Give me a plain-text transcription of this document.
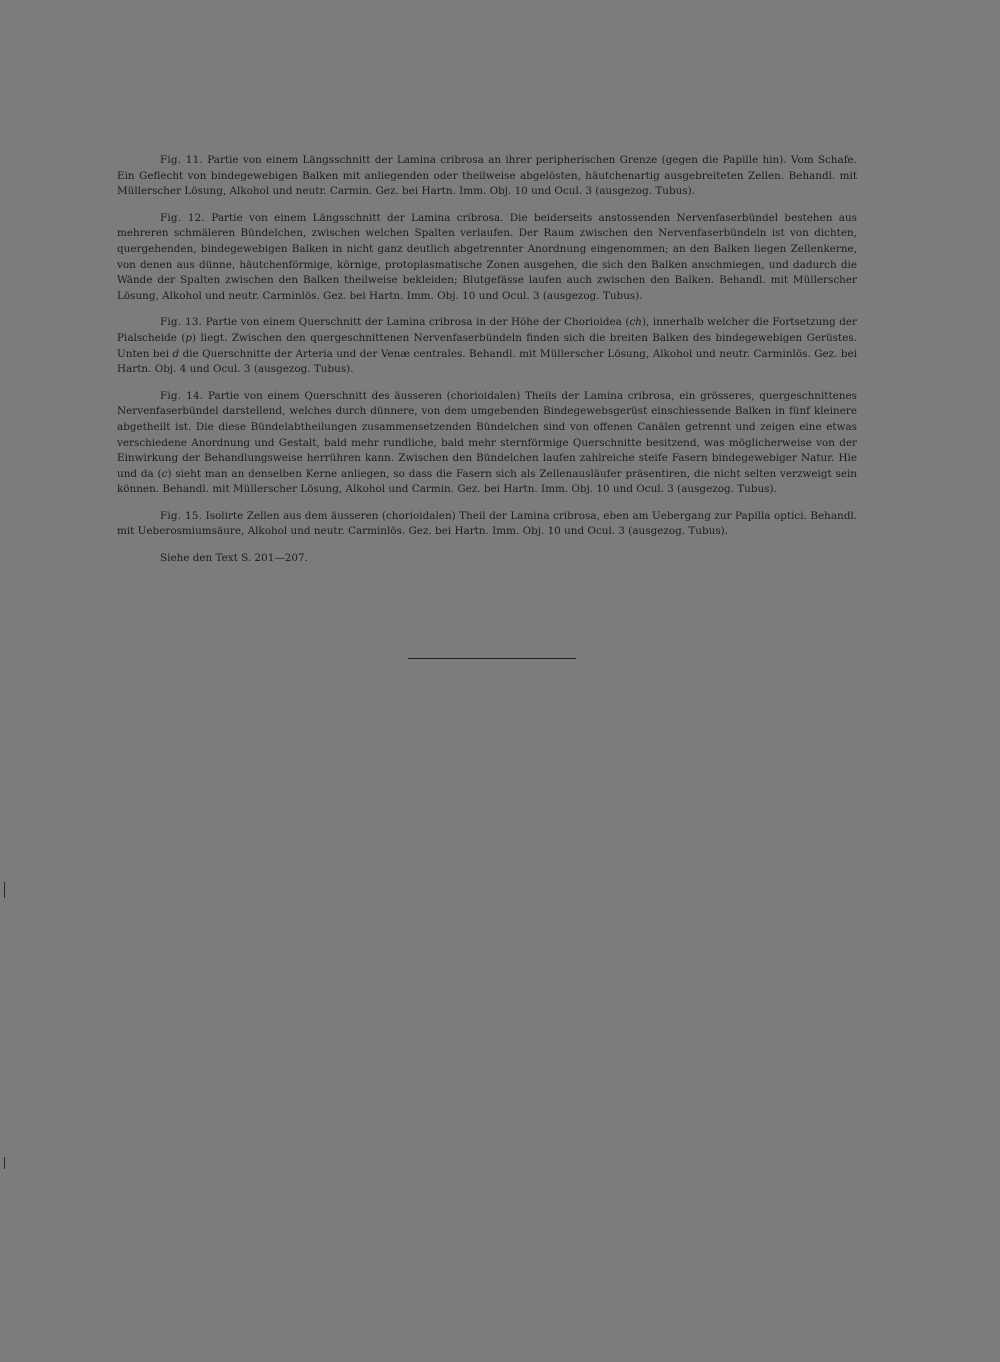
Fig. 11. Partie von einem Längsschnitt der Lamina cribrosa an ihrer peripherischen Grenze (gegen die Papille hin). Vom Schafe. Ein Geflecht von bindegewebigen Balken mit anliegenden oder theilweise abgelösten, häutchenartig ausgebreiteten Zellen. Behandl. mit Müllerscher Lösung, Alkohol und neutr. Carmin. Gez. bei Hartn. Imm. Obj. 10 und Ocul. 3 (ausgezog. Tubus).

Fig. 12. Partie von einem Längsschnitt der Lamina cribrosa. Die beiderseits anstossenden Nervenfaserbündel bestehen aus mehreren schmäleren Bündelchen, zwischen welchen Spalten verlaufen. Der Raum zwischen den Nervenfaserbündeln ist von dichten, quergehenden, bindegewebigen Balken in nicht ganz deutlich abgetrennter Anordnung eingenommen; an den Balken liegen Zellenkerne, von denen aus dünne, häutchenförmige, körnige, protoplasmatische Zonen ausgehen, die sich den Balken anschmiegen, und dadurch die Wände der Spalten zwischen den Balken theilweise bekleiden; Blutgefässe laufen auch zwischen den Balken. Behandl. mit Müllerscher Lösung, Alkohol und neutr. Carminlös. Gez. bei Hartn. Imm. Obj. 10 und Ocul. 3 (ausgezog. Tubus).

Fig. 13. Partie von einem Querschnitt der Lamina cribrosa in der Höhe der Chorioidea (ch), innerhalb welcher die Fortsetzung der Pialscheide (p) liegt. Zwischen den quergeschnittenen Nervenfaserbündeln finden sich die breiten Balken des bindegewebigen Gerüstes. Unten bei d die Querschnitte der Arteria und der Venæ centrales. Behandl. mit Müllerscher Lösung, Alkohol und neutr. Carminlös. Gez. bei Hartn. Obj. 4 und Ocul. 3 (ausgezog. Tubus).

Fig. 14. Partie von einem Querschnitt des äusseren (chorioidalen) Theils der Lamina cribrosa, ein grösseres, quergeschnittenes Nervenfaserbündel darstellend, welches durch dünnere, von dem umgebenden Bindegewebsgerüst einschiessende Balken in fünf kleinere abgetheilt ist. Die diese Bündelabtheilungen zusammensetzenden Bündelchen sind von offenen Canälen getrennt und zeigen eine etwas verschiedene Anordnung und Gestalt, bald mehr rundliche, bald mehr sternförmige Querschnitte besitzend, was möglicherweise von der Einwirkung der Behandlungsweise herrühren kann. Zwischen den Bündelchen laufen zahlreiche steife Fasern bindegewebiger Natur. Hie und da (c) sieht man an denselben Kerne anliegen, so dass die Fasern sich als Zellenausläufer präsentiren, die nicht selten verzweigt sein können. Behandl. mit Müllerscher Lösung, Alkohol und Carmin. Gez. bei Hartn. Imm. Obj. 10 und Ocul. 3 (ausgezog. Tubus).

Fig. 15. Isolirte Zellen aus dem äusseren (chorioidalen) Theil der Lamina cribrosa, eben am Uebergang zur Papilla optici. Behandl. mit Ueberosmiumsäure, Alkohol und neutr. Carminlös. Gez. bei Hartn. Imm. Obj. 10 und Ocul. 3 (ausgezog. Tubus).

Siehe den Text S. 201—207.
